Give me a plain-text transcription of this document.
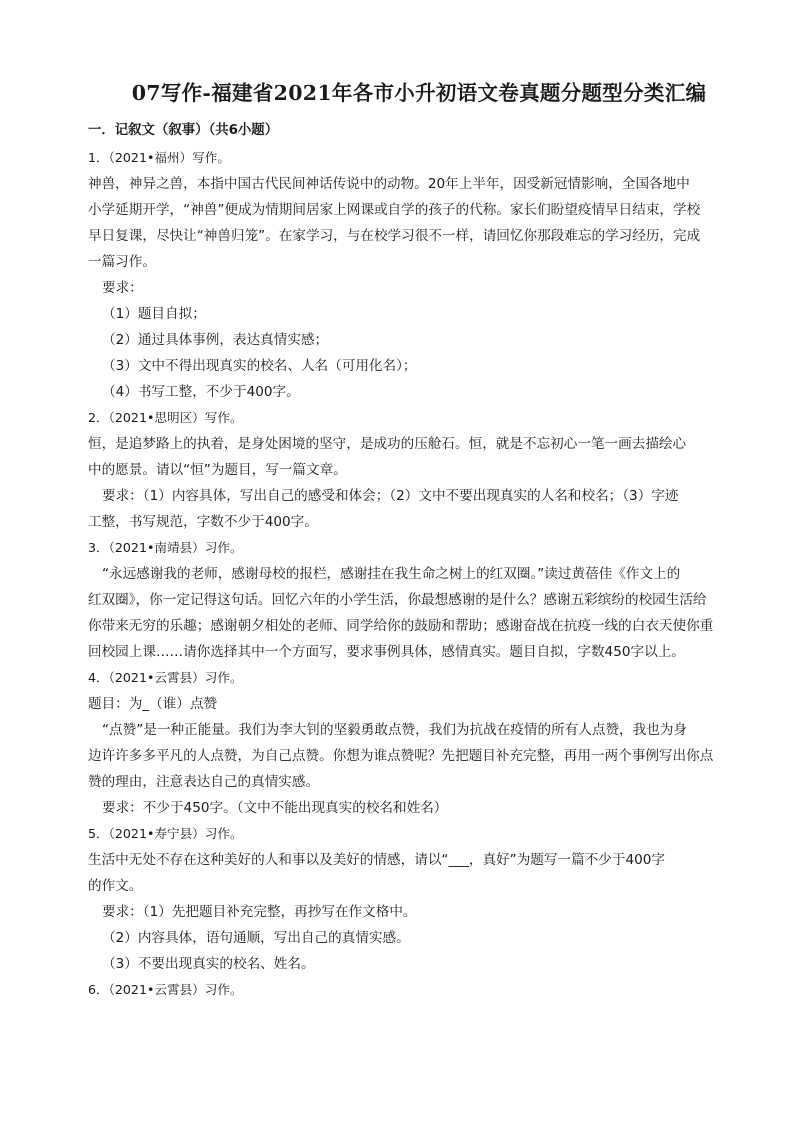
07写作-福建省2021年各市小升初语文卷真题分题型分类汇编
一．记叙文（叙事）（共6小题）
1．（2021•福州）写作。
神兽，神异之兽，本指中国古代民间神话传说中的动物。20年上半年，因受新冠情影响，全国各地中
小学延期开学，“神兽”便成为情期间居家上网课或自学的孩子的代称。家长们盼望疫情早日结束，学校
早日复课，尽快让“神兽归笼”。在家学习，与在校学习很不一样，请回忆你那段难忘的学习经历，完成
一篇习作。
要求：
（1）题目自拟；
（2）通过具体事例，表达真情实感；
（3）文中不得出现真实的校名、人名（可用化名）；
（4）书写工整，不少于400字。
2．（2021•思明区）写作。
恒，是追梦路上的执着，是身处困境的坚守，是成功的压舱石。恒，就是不忘初心一笔一画去描绘心
中的愿景。请以“恒”为题目，写一篇文章。
要求：（1）内容具体，写出自己的感受和体会；（2）文中不要出现真实的人名和校名；（3）字迹
工整，书写规范，字数不少于400字。
3．（2021•南靖县）习作。
“永远感谢我的老师，感谢母校的报栏，感谢挂在我生命之树上的红双圈。”读过黄蓓佳《作文上的
红双圈》，你一定记得这句话。回忆六年的小学生活，你最想感谢的是什么？感谢五彩缤纷的校园生活给
你带来无穷的乐趣；感谢朝夕相处的老师、同学给你的鼓励和帮助；感谢奋战在抗疫一线的白衣天使你重
回校园上课……请你选择其中一个方面写，要求事例具体，感情真实。题目自拟，字数450字以上。
4．（2021•云霄县）习作。
题目：为_（谁）点赞
“点赞”是一种正能量。我们为李大钊的坚毅勇敢点赞，我们为抗战在疫情的所有人点赞，我也为身
边许许多多平凡的人点赞，为自己点赞。你想为谁点赞呢？先把题目补充完整，再用一两个事例写出你点
赞的理由，注意表达自己的真情实感。
要求：不少于450字。（文中不能出现真实的校名和姓名）
5．（2021•寿宁县）习作。
生活中无处不存在这种美好的人和事以及美好的情感，请以“___，真好”为题写一篇不少于400字
的作文。
要求：（1）先把题目补充完整，再抄写在作文格中。
（2）内容具体，语句通顺，写出自己的真情实感。
（3）不要出现真实的校名、姓名。
6．（2021•云霄县）习作。
